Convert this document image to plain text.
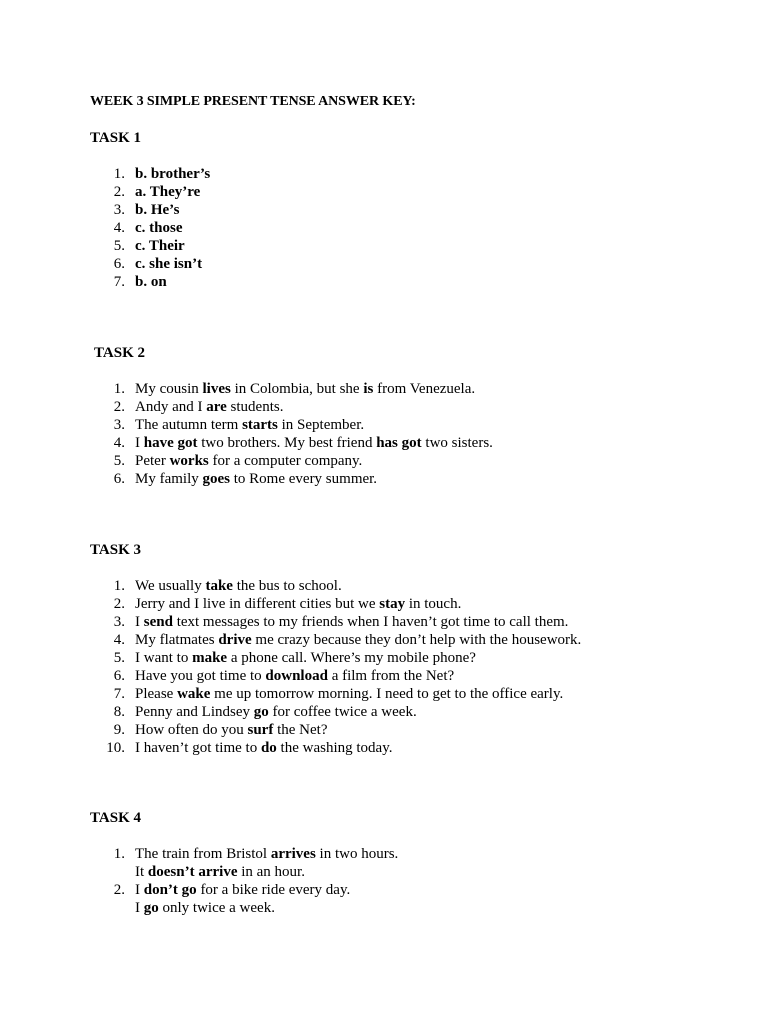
WEEK 3 SIMPLE PRESENT TENSE ANSWER KEY:
TASK 1
1. b. brother’s
2. a. They’re
3. b. He’s
4. c. those
5. c. Their
6. c. she isn’t
7. b. on
TASK 2
1. My cousin lives in Colombia, but she is from Venezuela.
2. Andy and I are students.
3. The autumn term starts in September.
4. I have got two brothers. My best friend has got two sisters.
5. Peter works for a computer company.
6. My family goes to Rome every summer.
TASK 3
1. We usually take the bus to school.
2. Jerry and I live in different cities but we stay in touch.
3. I send text messages to my friends when I haven’t got time to call them.
4. My flatmates drive me crazy because they don’t help with the housework.
5. I want to make a phone call. Where’s my mobile phone?
6. Have you got time to download a film from the Net?
7. Please wake me up tomorrow morning. I need to get to the office early.
8. Penny and Lindsey go for coffee twice a week.
9. How often do you surf the Net?
10. I haven’t got time to do the washing today.
TASK 4
1. The train from Bristol arrives in two hours.
It doesn’t arrive in an hour.
2. I don’t go for a bike ride every day.
I go only twice a week.
